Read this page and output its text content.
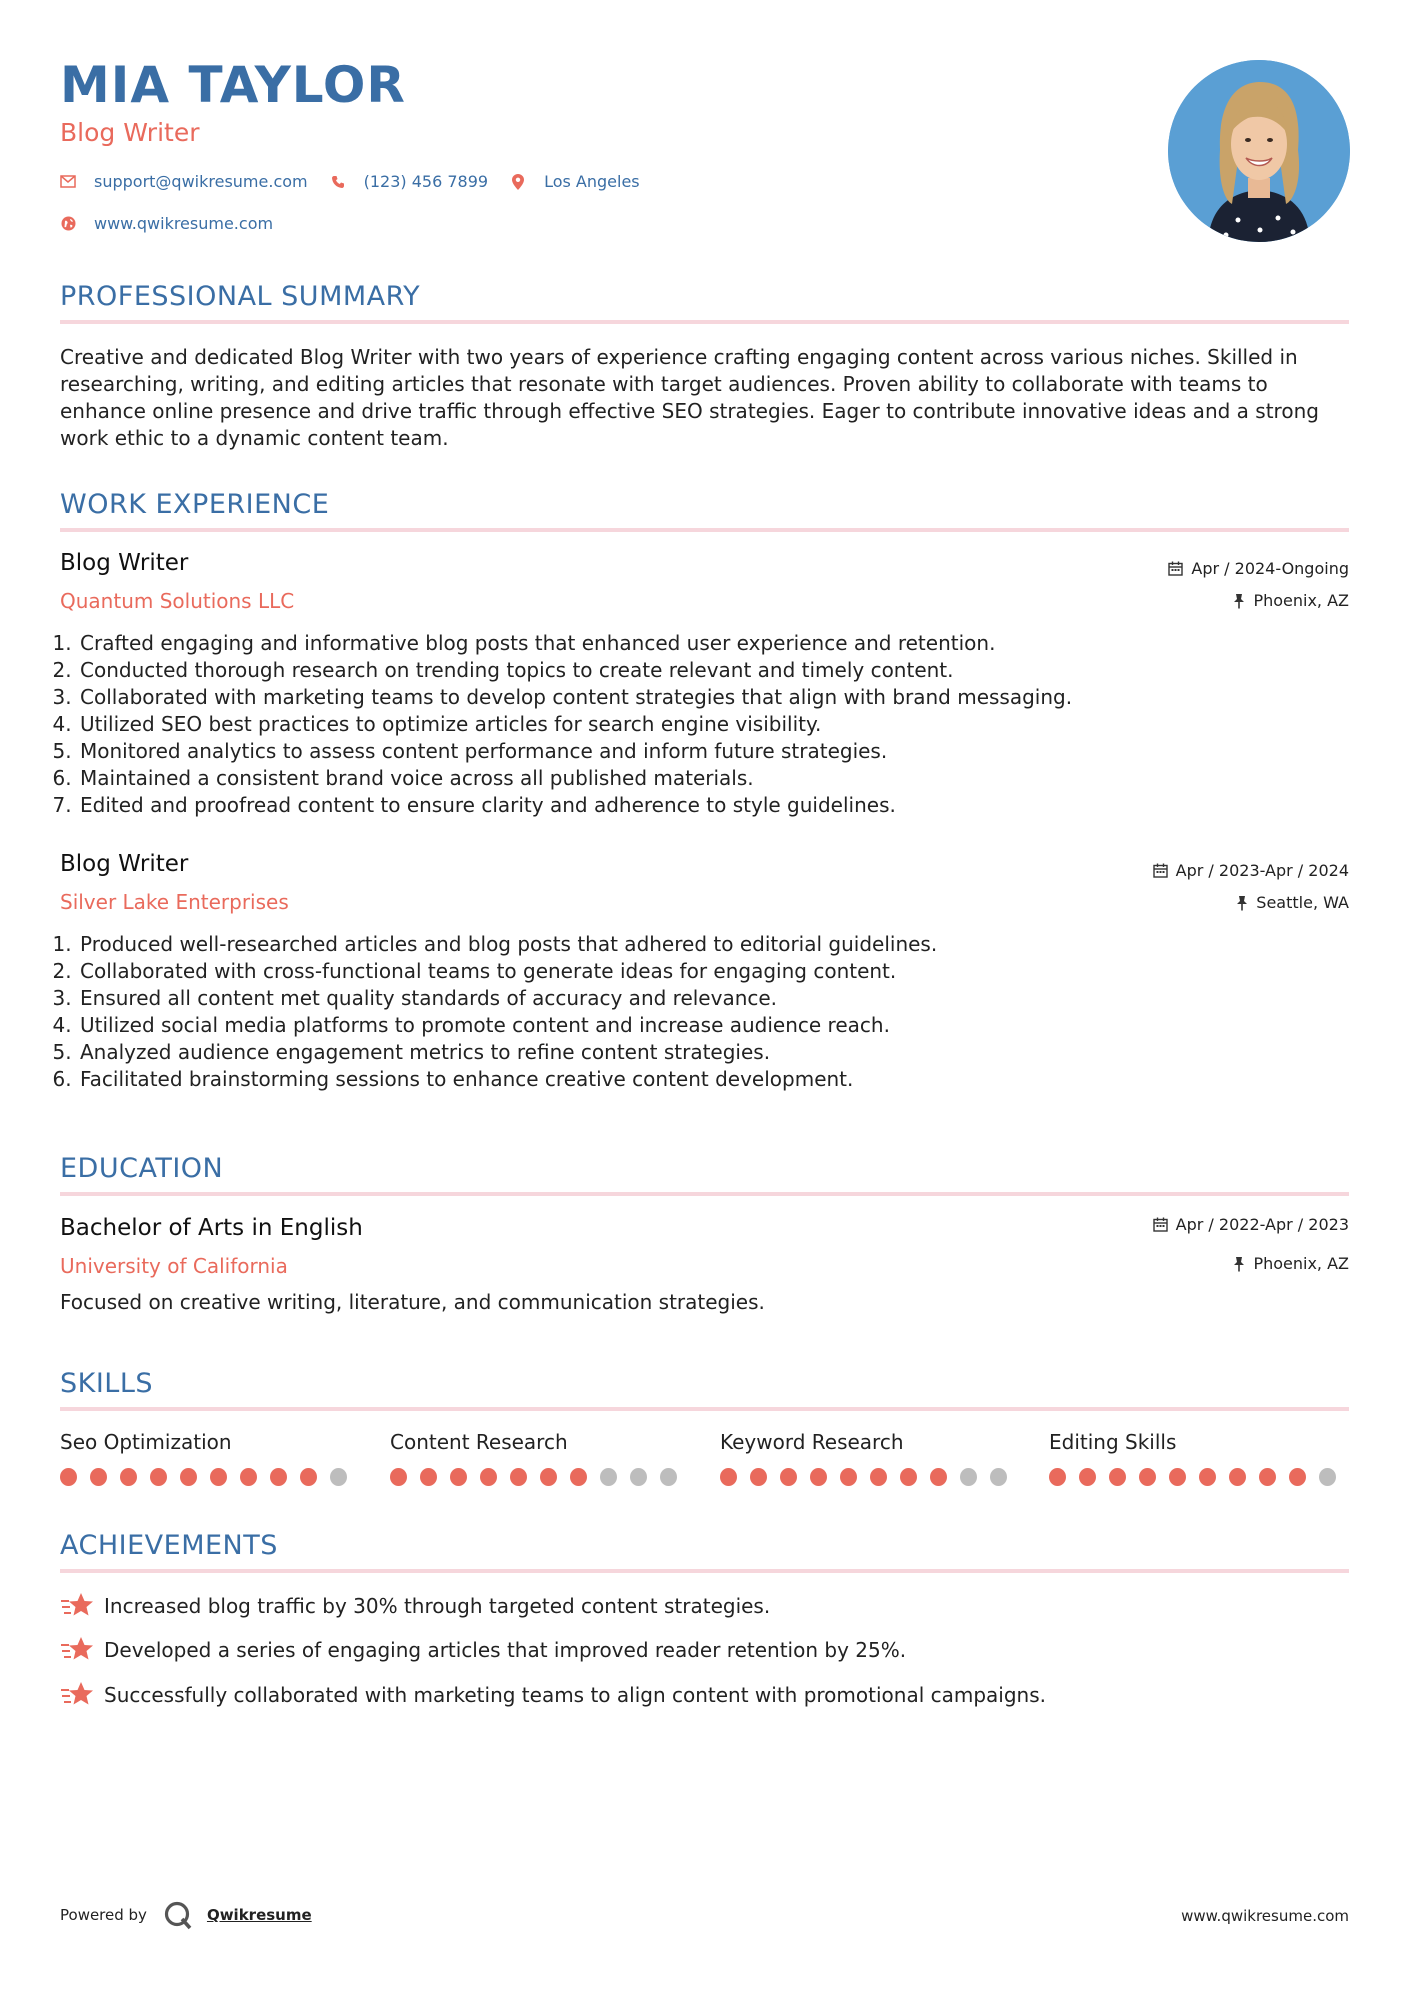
MIA TAYLOR
Blog Writer
support@qwikresume.com	(123) 456 7899	Los Angeles
www.qwikresume.com
PROFESSIONAL SUMMARY

Creative and dedicated Blog Writer with two years of experience crafting engaging content across various niches. Skilled in researching, writing, and editing articles that resonate with target audiences. Proven ability to collaborate with teams to enhance online presence and drive traffic through effective SEO strategies. Eager to contribute innovative ideas and a strong work ethic to a dynamic content team.

WORK EXPERIENCE
Blog Writer
Quantum Solutions LLC
Apr / 2024-Ongoing
Phoenix, AZ
1. Crafted engaging and informative blog posts that enhanced user experience and retention.
2. Conducted thorough research on trending topics to create relevant and timely content.
3. Collaborated with marketing teams to develop content strategies that align with brand messaging.
4. Utilized SEO best practices to optimize articles for search engine visibility.
5. Monitored analytics to assess content performance and inform future strategies.
6. Maintained a consistent brand voice across all published materials.
7. Edited and proofread content to ensure clarity and adherence to style guidelines.
Blog Writer
Silver Lake Enterprises
Apr / 2023-Apr / 2024
Seattle, WA
1. Produced well-researched articles and blog posts that adhered to editorial guidelines.
2. Collaborated with cross-functional teams to generate ideas for engaging content.
3. Ensured all content met quality standards of accuracy and relevance.
4. Utilized social media platforms to promote content and increase audience reach.
5. Analyzed audience engagement metrics to refine content strategies.
6. Facilitated brainstorming sessions to enhance creative content development.
EDUCATION
Bachelor of Arts in English
University of California
Apr / 2022-Apr / 2023
Phoenix, AZ

Focused on creative writing, literature, and communication strategies.

SKILLS
Seo Optimization	Content Research	Keyword Research	Editing Skills
ACHIEVEMENTS
Increased blog traffic by 30% through targeted content strategies.
Developed a series of engaging articles that improved reader retention by 25%.
Successfully collaborated with marketing teams to align content with promotional campaigns.
Powered by	Qwikresume	www.qwikresume.com
